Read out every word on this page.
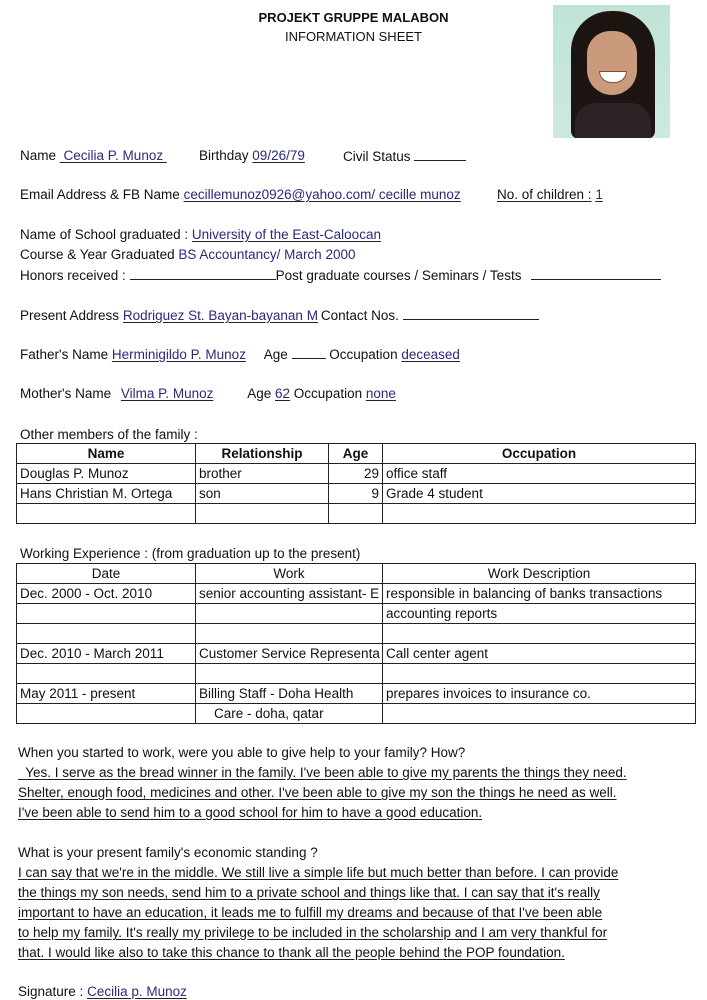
PROJEKT GRUPPE MALABON
INFORMATION SHEET
Name  Cecilia P. Munoz Birthday 09/26/79	Civil Status
Email Address & FB Name cecillemunoz0926@yahoo.com/ cecille munoz	No. of children : 1
Name of School graduated : University of the East-Caloocan
Course & Year Graduated BS Accountancy/ March 2000
Honors received :	Post graduate courses / Seminars / Tests
Present Address Rodriguez St. Bayan-bayanan M Contact Nos.
Father's Name Herminigildo P. Munoz Age	Occupation deceased
Mother's Name Vilma P. Munoz	Age 62 Occupation none
Other members of the family :
Name	Relationship	Age	Occupation
Douglas P. Munoz	brother	29	office staff
Hans Christian M. Ortega	son	9	Grade 4 student

Working Experience : (from graduation up to the present)
Date	Work	Work Description
Dec. 2000 - Oct. 2010	senior accounting assistant- E	responsible in balancing of banks transactions
		accounting reports

Dec. 2010 - March 2011	Customer Service Representa	Call center agent

May 2011 - present	Billing Staff - Doha Health	prepares invoices to insurance co.
	Care - doha, qatar	
When you started to work, were you able to give help to your family? How?
Yes. I serve as the bread winner in the family. I've been able to give my parents the things they need.
Shelter, enough food, medicines and other. I've been able to give my son the things he need as well.
I've been able to send him to a good school for him to have a good education.
What is your present family's economic standing ?
I can say that we're in the middle. We still live a simple life but much better than before. I can provide
the things my son needs, send him to a private school and things like that. I can say that it's really
important to have an education, it leads me to fulfill my dreams and because of that I've been able
to help my family. It's really my privilege to be included in the scholarship and I am very thankful for
that. I would like also to take this chance to thank all the people behind the POP foundation.
Signature : Cecilia p. Munoz
